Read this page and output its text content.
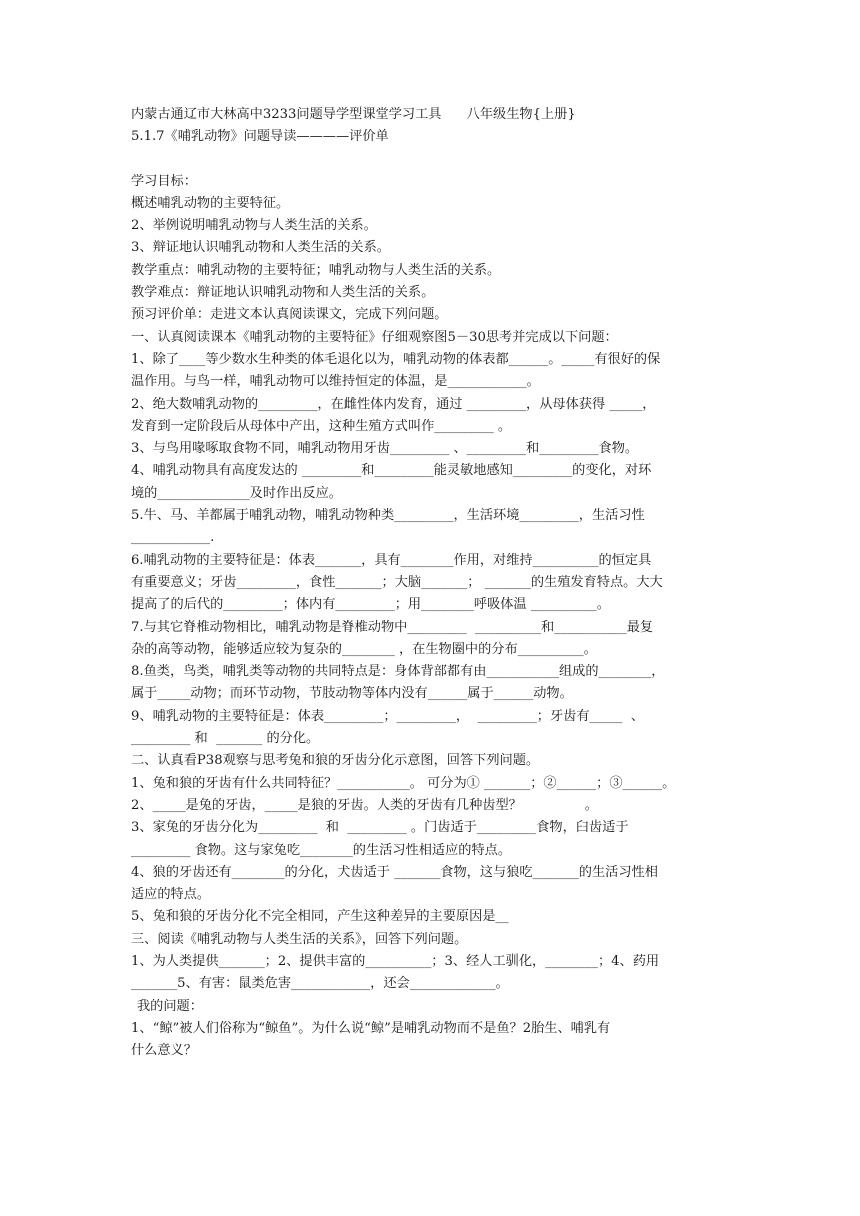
内蒙古通辽市大林高中3233问题导学型课堂学习工具      八年级生物{上册}
5.1.7《哺乳动物》问题导读————评价单
学习目标：
概述哺乳动物的主要特征。
2、举例说明哺乳动物与人类生活的关系。
3、辩证地认识哺乳动物和人类生活的关系。
教学重点：哺乳动物的主要特征；哺乳动物与人类生活的关系。
教学难点：辩证地认识哺乳动物和人类生活的关系。
预习评价单：走进文本认真阅读课文，完成下列问题。
一、认真阅读课本《哺乳动物的主要特征》仔细观察图5－30思考并完成以下问题：
1、除了____等少数水生种类的体毛退化以为，哺乳动物的体表都______。_____有很好的保
温作用。与鸟一样，哺乳动物可以维持恒定的体温，是____________。
2、绝大数哺乳动物的_________，在雌性体内发育，通过 _________，从母体获得 _____，
发育到一定阶段后从母体中产出，这种生殖方式叫作_________ 。
3、与鸟用喙啄取食物不同，哺乳动物用牙齿_________ 、_________和_________食物。
4、哺乳动物具有高度发达的 _________和_________能灵敏地感知_________的变化，对环
境的______________及时作出反应。
5.牛、马、羊都属于哺乳动物，哺乳动物种类_________，生活环境_________，生活习性
____________.
6.哺乳动物的主要特征是：体表_______，具有________作用，对维持__________的恒定具
有重要意义；牙齿_________，食性_______；大脑_______； _______的生殖发育特点。大大
提高了的后代的_________；体内有_________；用________呼吸体温 __________。
7.与其它脊椎动物相比，哺乳动物是脊椎动物中_________  __________和___________最复
杂的高等动物，能够适应较为复杂的________ ，在生物圈中的分布__________。
8.鱼类，鸟类，哺乳类等动物的共同特点是：身体背部都有由___________组成的________，
属于_____动物；而环节动物，节肢动物等体内没有______属于______动物。
9、哺乳动物的主要特征是：体表_________；_________，  _________；牙齿有_____  、
_________ 和  _______ 的分化。
二、认真看P38观察与思考兔和狼的牙齿分化示意图，回答下列问题。
1、兔和狼的牙齿有什么共同特征？___________。 可分为① _______；②______；③______。
2、_____是兔的牙齿，_____是狼的牙齿。人类的牙齿有几种齿型？               。
3、家兔的牙齿分化为_________  和  _________ 。门齿适于_________食物，臼齿适于
_________ 食物。这与家兔吃________的生活习性相适应的特点。
4、狼的牙齿还有________的分化，犬齿适于 _______食物，这与狼吃_______的生活习性相
适应的特点。
5、兔和狼的牙齿分化不完全相同，产生这种差异的主要原因是__
三、阅读《哺乳动物与人类生活的关系》，回答下列问题。
1、为人类提供_______；2、提供丰富的__________；3、经人工驯化，________；4、药用
_______5、有害：鼠类危害____________，还会_____________。
我的问题：
1、“鲸”被人们俗称为“鲸鱼”。为什么说“鲸”是哺乳动物而不是鱼？2胎生、哺乳有
什么意义？
